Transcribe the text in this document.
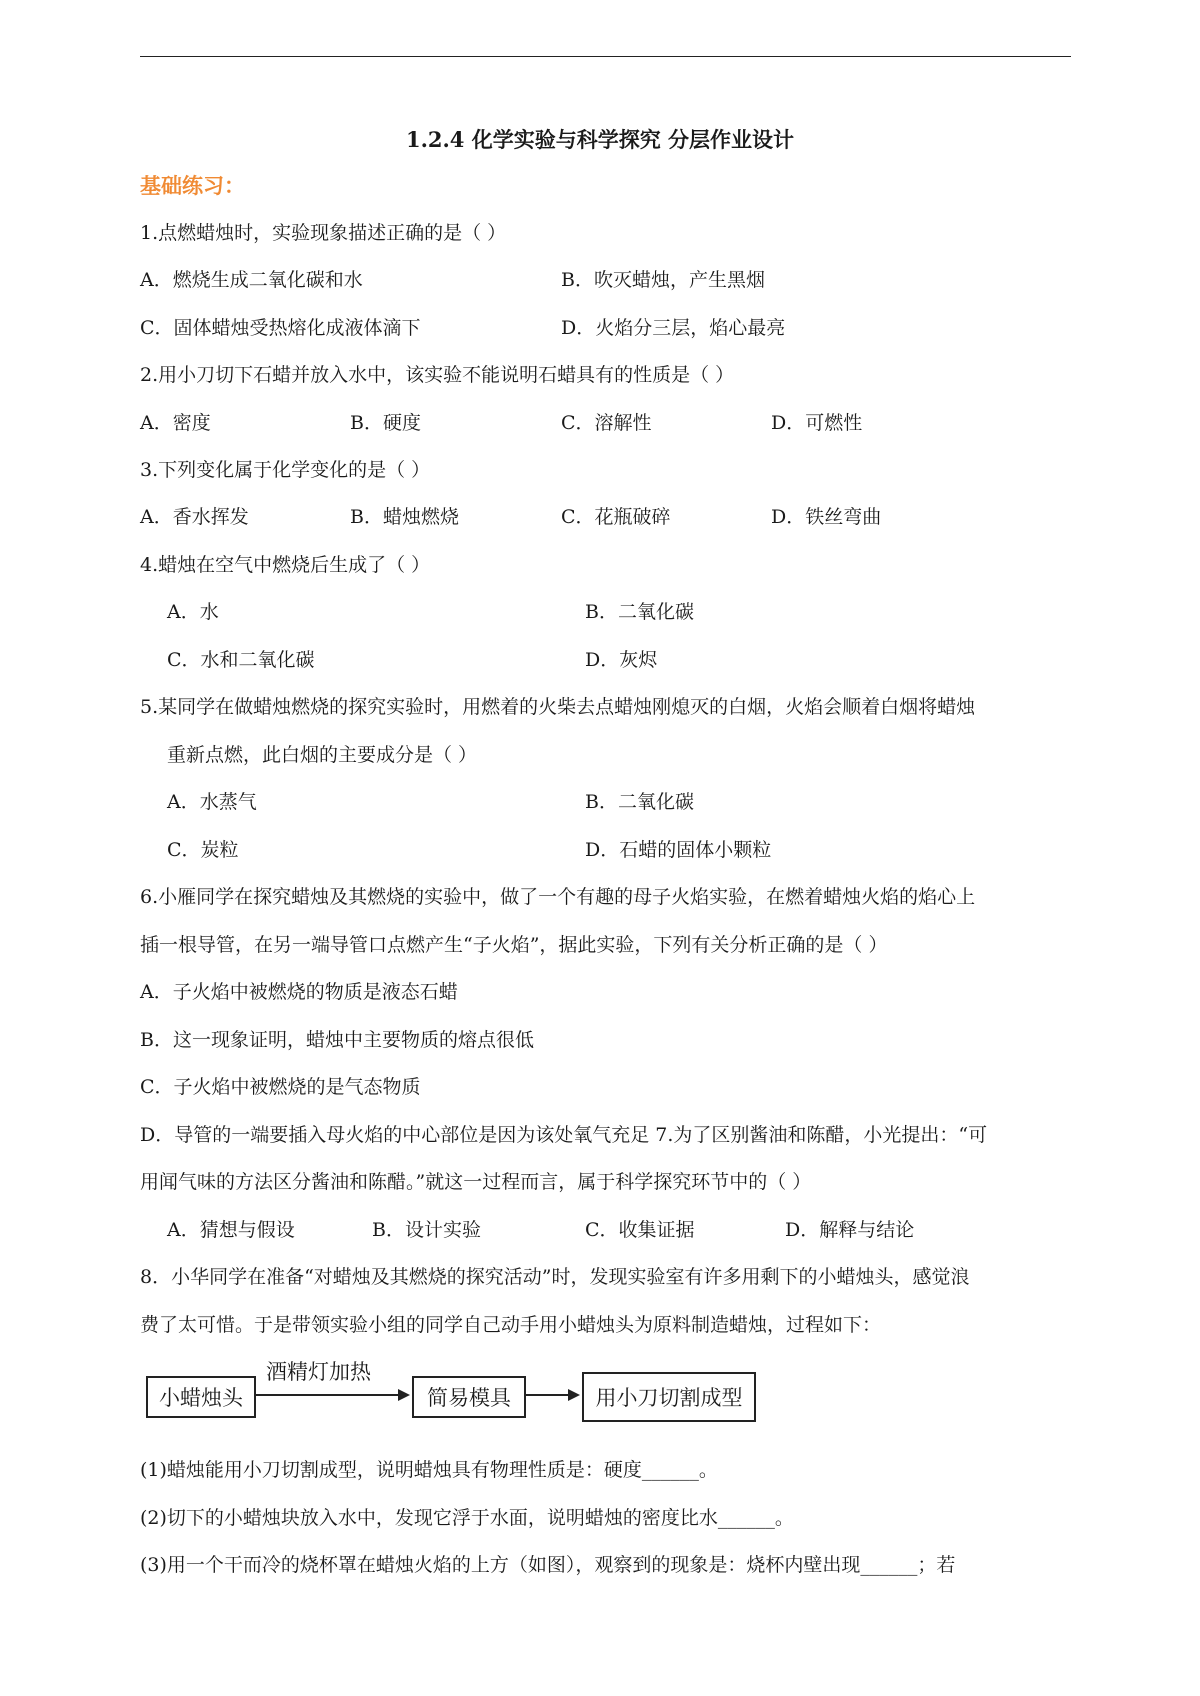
1.2.4 化学实验与科学探究 分层作业设计
基础练习：
1.点燃蜡烛时，实验现象描述正确的是（ ）
A．燃烧生成二氧化碳和水	B．吹灭蜡烛，产生黑烟
C．固体蜡烛受热熔化成液体滴下	D．火焰分三层，焰心最亮
2.用小刀切下石蜡并放入水中，该实验不能说明石蜡具有的性质是（ ）
A．密度	B．硬度	C．溶解性	D．可燃性
3.下列变化属于化学变化的是（ ）
A．香水挥发	B．蜡烛燃烧	C．花瓶破碎	D．铁丝弯曲
4.蜡烛在空气中燃烧后生成了（ ）
A．水	B．二氧化碳
C．水和二氧化碳	D．灰烬
5.某同学在做蜡烛燃烧的探究实验时，用燃着的火柴去点蜡烛刚熄灭的白烟，火焰会顺着白烟将蜡烛
重新点燃，此白烟的主要成分是（ ）
A．水蒸气	B．二氧化碳
C．炭粒	D．石蜡的固体小颗粒
6.小雁同学在探究蜡烛及其燃烧的实验中，做了一个有趣的母子火焰实验，在燃着蜡烛火焰的焰心上
插一根导管，在另一端导管口点燃产生“子火焰”，据此实验，下列有关分析正确的是（ ）
A．子火焰中被燃烧的物质是液态石蜡
B．这一现象证明，蜡烛中主要物质的熔点很低
C．子火焰中被燃烧的是气态物质
D．导管的一端要插入母火焰的中心部位是因为该处氧气充足 7.为了区别酱油和陈醋，小光提出：“可
用闻气味的方法区分酱油和陈醋。”就这一过程而言，属于科学探究环节中的（ ）
A．猜想与假设	B．设计实验	C．收集证据	D．解释与结论
8．小华同学在准备“对蜡烛及其燃烧的探究活动”时，发现实验室有许多用剩下的小蜡烛头，感觉浪
费了太可惜。于是带领实验小组的同学自己动手用小蜡烛头为原料制造蜡烛，过程如下：
小蜡烛头
酒精灯加热
简易模具	用小刀切割成型
(1)蜡烛能用小刀切割成型，说明蜡烛具有物理性质是：硬度______。
(2)切下的小蜡烛块放入水中，发现它浮于水面，说明蜡烛的密度比水______。
(3)用一个干而冷的烧杯罩在蜡烛火焰的上方（如图），观察到的现象是：烧杯内壁出现______；若
